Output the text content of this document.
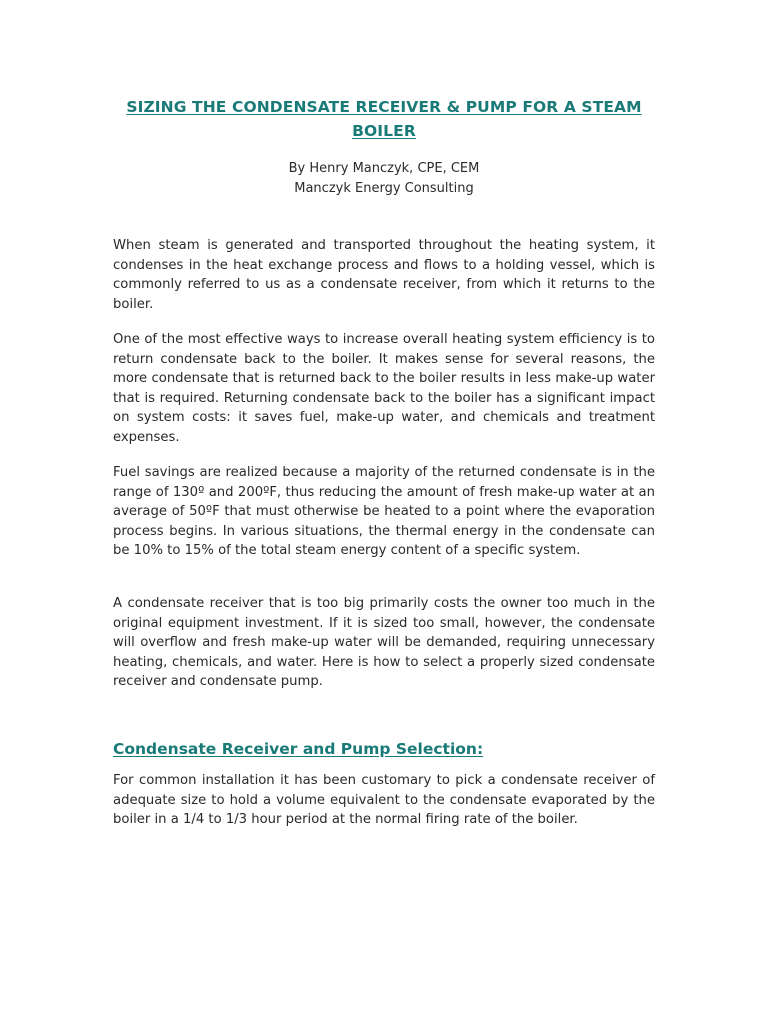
SIZING THE CONDENSATE RECEIVER & PUMP FOR A STEAM BOILER
By Henry Manczyk, CPE, CEM
Manczyk Energy Consulting

When steam is generated and transported throughout the heating system, it condenses in the heat exchange process and flows to a holding vessel, which is commonly referred to us as a condensate receiver, from which it returns to the boiler.

One of the most effective ways to increase overall heating system efficiency is to return condensate back to the boiler. It makes sense for several reasons, the more condensate that is returned back to the boiler results in less make-up water that is required. Returning condensate back to the boiler has a significant impact on system costs: it saves fuel, make-up water, and chemicals and treatment expenses.

Fuel savings are realized because a majority of the returned condensate is in the range of 130º and 200ºF, thus reducing the amount of fresh make-up water at an average of 50ºF that must otherwise be heated to a point where the evaporation process begins. In various situations, the thermal energy in the condensate can be 10% to 15% of the total steam energy content of a specific system.

A condensate receiver that is too big primarily costs the owner too much in the original equipment investment. If it is sized too small, however, the condensate will overflow and fresh make-up water will be demanded, requiring unnecessary heating, chemicals, and water. Here is how to select a properly sized condensate receiver and condensate pump.

Condensate Receiver and Pump Selection:

For common installation it has been customary to pick a condensate receiver of adequate size to hold a volume equivalent to the condensate evaporated by the boiler in a 1/4 to 1/3 hour period at the normal firing rate of the boiler.
